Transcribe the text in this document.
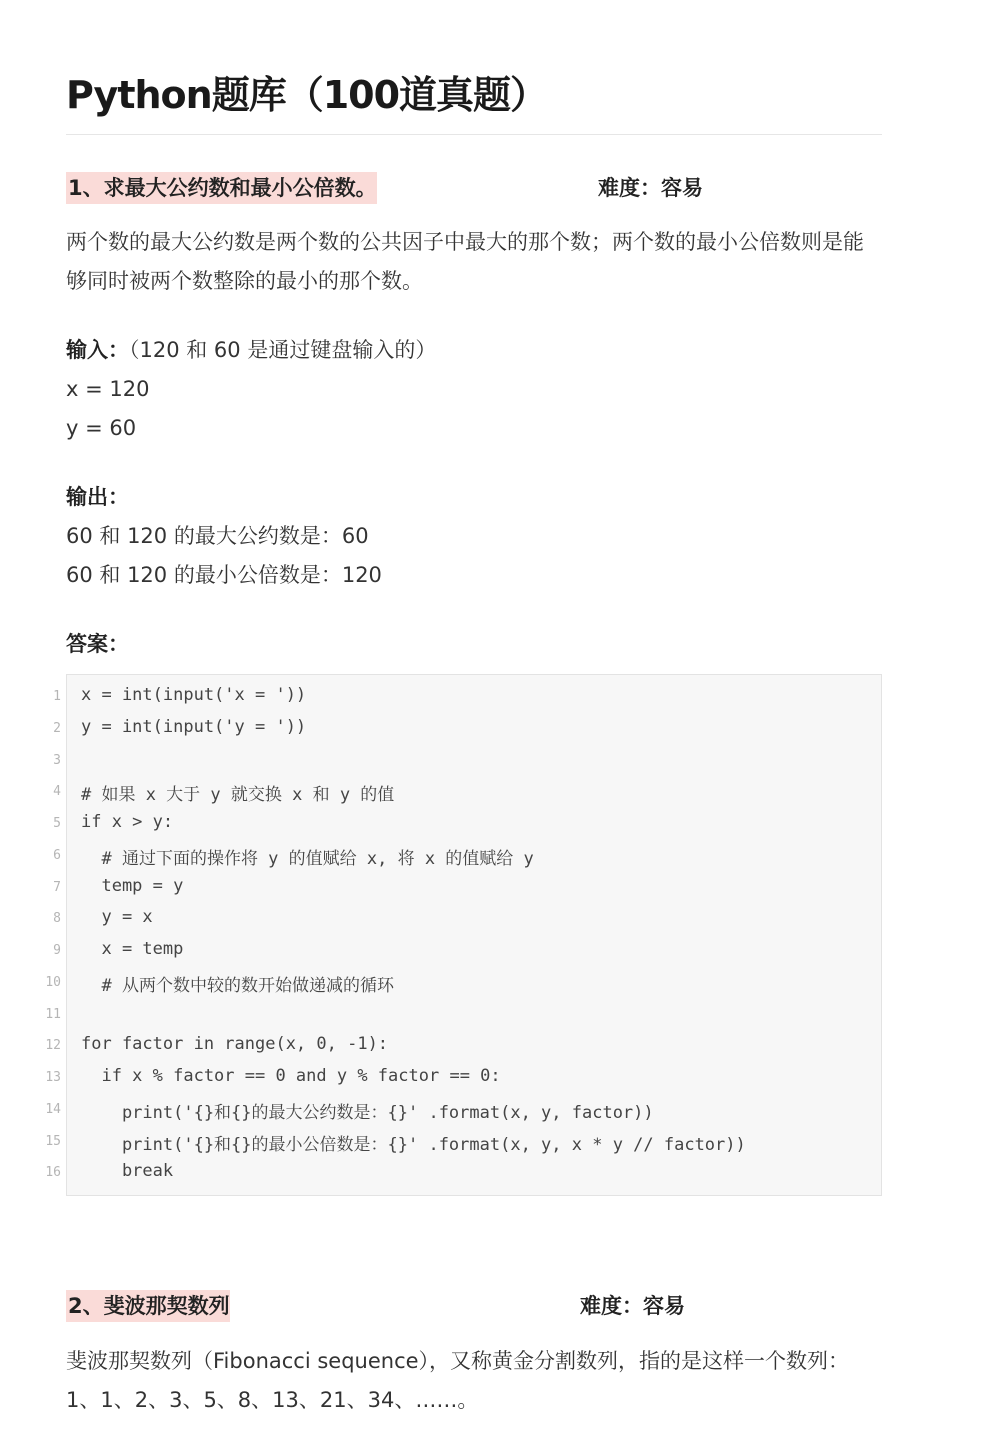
Python题库（100道真题）
1、求最大公约数和最小公倍数。	难度：容易

两个数的最大公约数是两个数的公共因子中最大的那个数；两个数的最小公倍数则是能够同时被两个数整除的最小的那个数。

输入：（120 和 60 是通过键盘输入的）
x = 120
y = 60
输出：
60 和 120 的最大公约数是：60
60 和 120 的最小公倍数是：120
答案：
1
2
3
4
5
6
7
8
9
10
11
12
13
14
15
16
x = int(input('x = '))
y = int(input('y = '))
# 如果 x 大于 y 就交换 x 和 y 的值
if x > y:
# 通过下面的操作将 y 的值赋给 x, 将 x 的值赋给 y
temp = y
y = x
x = temp
# 从两个数中较的数开始做递减的循环
for factor in range(x, 0, -1):
if x % factor == 0 and y % factor == 0:
print('{}和{}的最大公约数是：{}' .format(x, y, factor))
print('{}和{}的最小公倍数是：{}' .format(x, y, x * y // factor))
break
2、斐波那契数列	难度：容易

斐波那契数列（Fibonacci sequence），又称黄金分割数列，指的是这样一个数列：1、1、2、3、5、8、13、21、34、……。
